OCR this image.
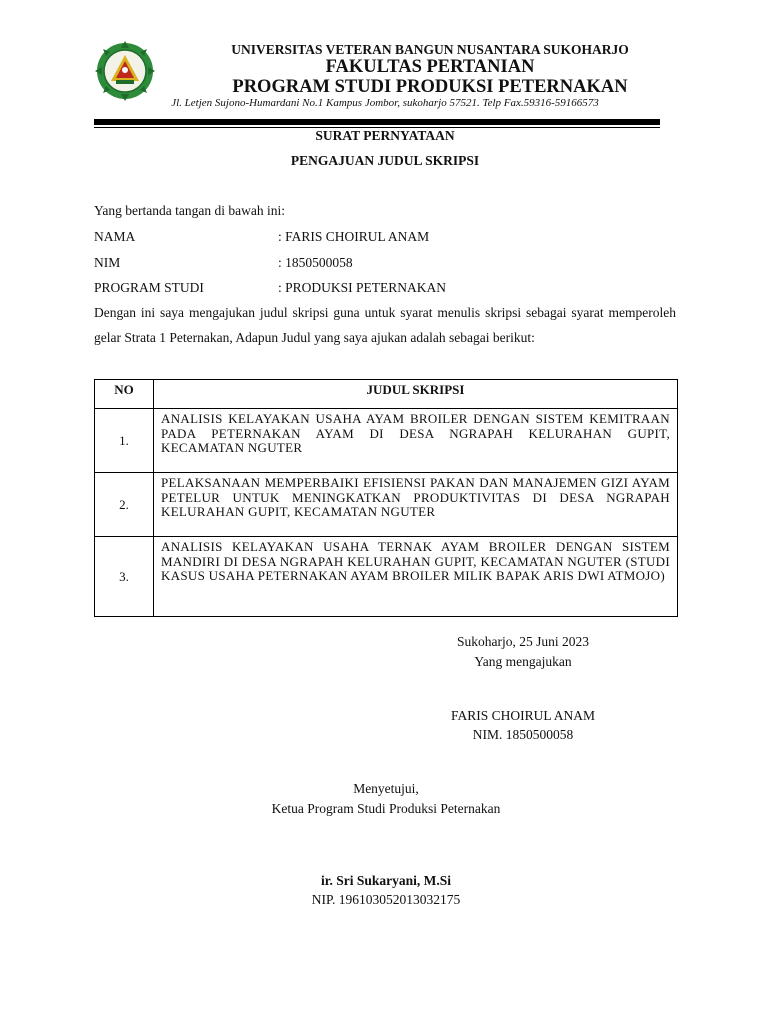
UNIVERSITAS VETERAN BANGUN NUSANTARA SUKOHARJO
FAKULTAS PERTANIAN
PROGRAM STUDI PRODUKSI PETERNAKAN
Jl. Letjen Sujono-Humardani No.1 Kampus Jombor, sukoharjo 57521. Telp Fax.59316-59166573
SURAT PERNYATAAN
PENGAJUAN JUDUL SKRIPSI
Yang bertanda tangan di bawah ini:
NAMA	: FARIS CHOIRUL ANAM
NIM	: 1850500058
PROGRAM STUDI	: PRODUKSI PETERNAKAN
Dengan ini saya mengajukan judul skripsi guna untuk syarat menulis skripsi sebagai syarat memperoleh gelar Strata 1 Peternakan, Adapun Judul yang saya ajukan adalah sebagai berikut:
NO	JUDUL SKRIPSI
1.	ANALISIS KELAYAKAN USAHA AYAM BROILER DENGAN SISTEM KEMITRAAN PADA PETERNAKAN AYAM DI DESA NGRAPAH KELURAHAN GUPIT, KECAMATAN NGUTER
2.	PELAKSANAAN MEMPERBAIKI EFISIENSI PAKAN DAN MANAJEMEN GIZI AYAM PETELUR UNTUK MENINGKATKAN PRODUKTIVITAS DI DESA NGRAPAH KELURAHAN GUPIT, KECAMATAN NGUTER
3.	ANALISIS KELAYAKAN USAHA TERNAK AYAM BROILER DENGAN SISTEM MANDIRI DI DESA NGRAPAH KELURAHAN GUPIT, KECAMATAN NGUTER (STUDI KASUS USAHA PETERNAKAN AYAM BROILER MILIK BAPAK ARIS DWI ATMOJO)
Sukoharjo, 25 Juni 2023
Yang mengajukan
FARIS CHOIRUL ANAM
NIM. 1850500058
Menyetujui,
Ketua Program Studi Produksi Peternakan
ir. Sri Sukaryani, M.Si
NIP. 196103052013032175
